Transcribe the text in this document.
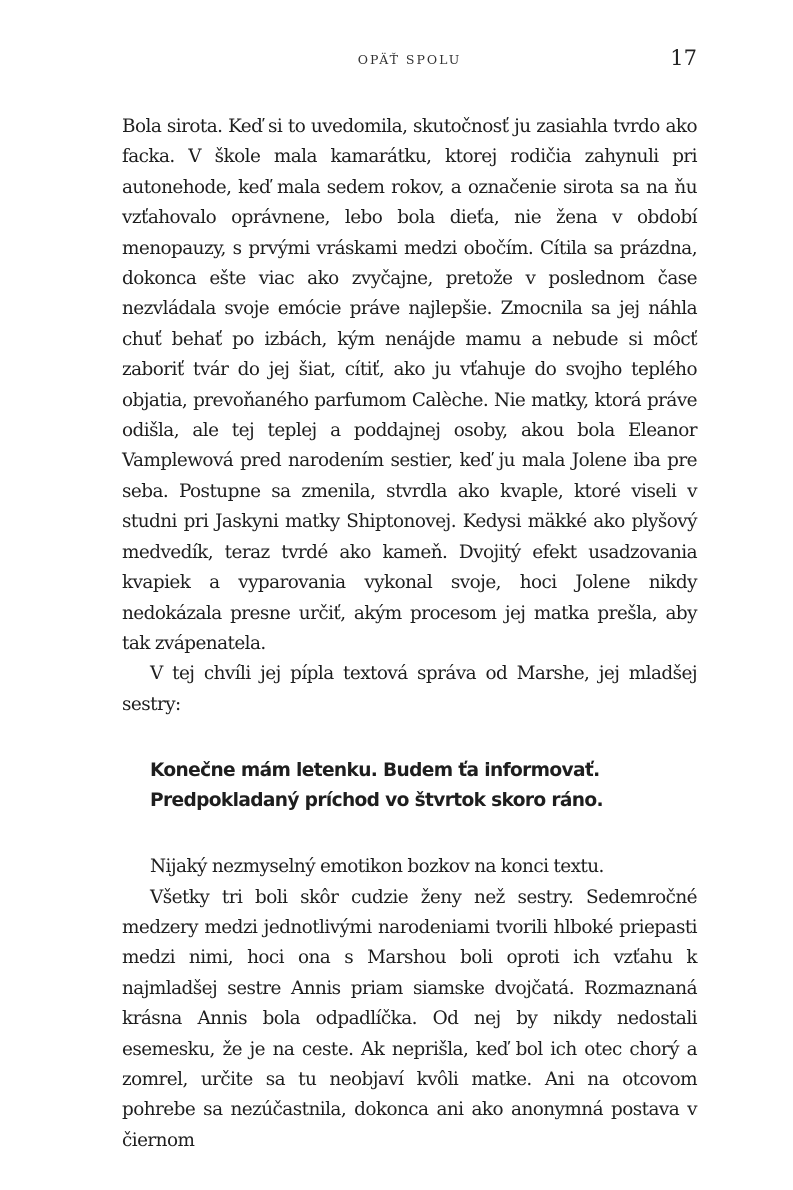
OPÄŤ SPOLU	17

Bola sirota. Keď si to uvedomila, skutočnosť ju zasiahla tvrdo ako facka. V škole mala kamarátku, ktorej rodičia zahynuli pri autonehode, keď mala sedem rokov, a označenie sirota sa na ňu vzťahovalo oprávnene, lebo bola dieťa, nie žena v období menopauzy, s prvými vráskami medzi obočím. Cítila sa prázdna, dokonca ešte viac ako zvyčajne, pretože v poslednom čase nezvládala svoje emócie práve najlepšie. Zmocnila sa jej náhla chuť behať po izbách, kým nenájde mamu a nebude si môcť zaboriť tvár do jej šiat, cítiť, ako ju vťahuje do svojho teplého objatia, prevoňaného parfumom Calèche. Nie matky, ktorá práve odišla, ale tej teplej a poddajnej osoby, akou bola Eleanor Vamplewová pred narodením sestier, keď ju mala Jolene iba pre seba. Postupne sa zmenila, stvrdla ako kvaple, ktoré viseli v studni pri Jaskyni matky Shiptonovej. Kedysi mäkké ako plyšový medvedík, teraz tvrdé ako kameň. Dvojitý efekt usadzovania kvapiek a vyparovania vykonal svoje, hoci Jolene nikdy nedokázala presne určiť, akým procesom jej matka prešla, aby tak zvápenatela.

V tej chvíli jej pípla textová správa od Marshe, jej mladšej sestry:

Konečne mám letenku. Budem ťa informovať. Predpokladaný príchod vo štvrtok skoro ráno.

Nijaký nezmyselný emotikon bozkov na konci textu.

Všetky tri boli skôr cudzie ženy než sestry. Sedemročné medzery medzi jednotlivými narodeniami tvorili hlboké priepasti medzi nimi, hoci ona s Marshou boli oproti ich vzťahu k najmladšej sestre Annis priam siamske dvojčatá. Rozmaznaná krásna Annis bola odpadlíčka. Od nej by nikdy nedostali esemesku, že je na ceste. Ak neprišla, keď bol ich otec chorý a zomrel, určite sa tu neobjaví kvôli matke. Ani na otcovom pohrebe sa nezúčastnila, dokonca ani ako anonymná postava v čiernom
